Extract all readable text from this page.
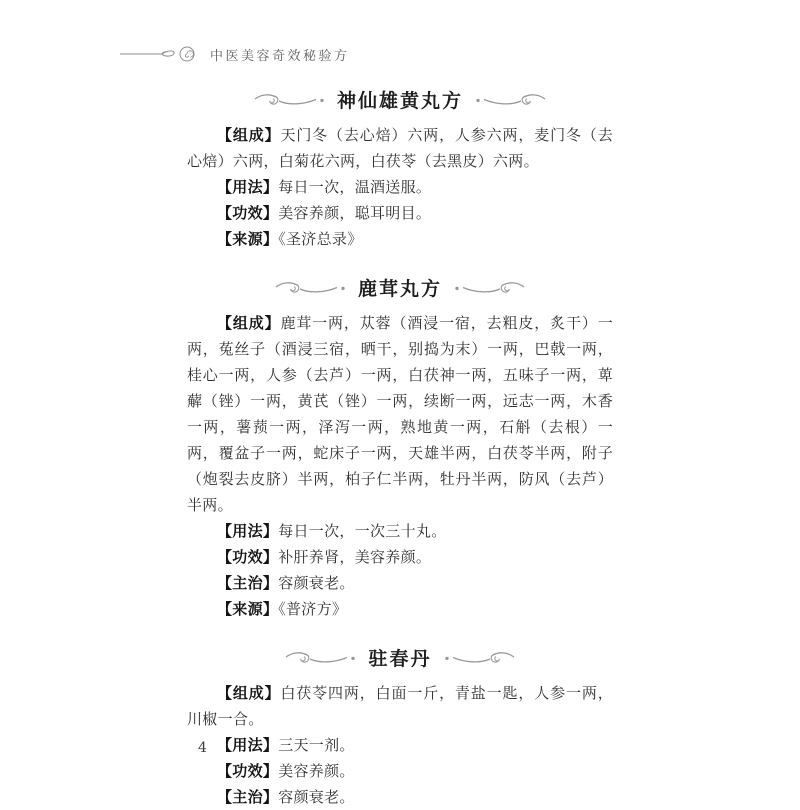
中医美容奇效秘验方
神仙雄黄丸方

【组成】天门冬（去心焙）六两，人参六两，麦门冬（去心焙）六两，白菊花六两，白茯苓（去黑皮）六两。

【用法】每日一次，温酒送服。

【功效】美容养颜，聪耳明目。

【来源】《圣济总录》

鹿茸丸方

【组成】鹿茸一两，苁蓉（酒浸一宿，去粗皮，炙干）一两，菟丝子（酒浸三宿，晒干，别捣为末）一两，巴戟一两，桂心一两，人参（去芦）一两，白茯神一两，五味子一两，萆薢（锉）一两，黄芪（锉）一两，续断一两，远志一两，木香一两，薯蓣一两，泽泻一两，熟地黄一两，石斛（去根）一两，覆盆子一两，蛇床子一两，天雄半两，白茯苓半两，附子（炮裂去皮脐）半两，柏子仁半两，牡丹半两，防风（去芦）半两。

【用法】每日一次，一次三十丸。

【功效】补肝养肾，美容养颜。

【主治】容颜衰老。

【来源】《普济方》

驻春丹

【组成】白茯苓四两，白面一斤，青盐一匙，人参一两，川椒一合。

【用法】三天一剂。

【功效】美容养颜。

【主治】容颜衰老。

4
